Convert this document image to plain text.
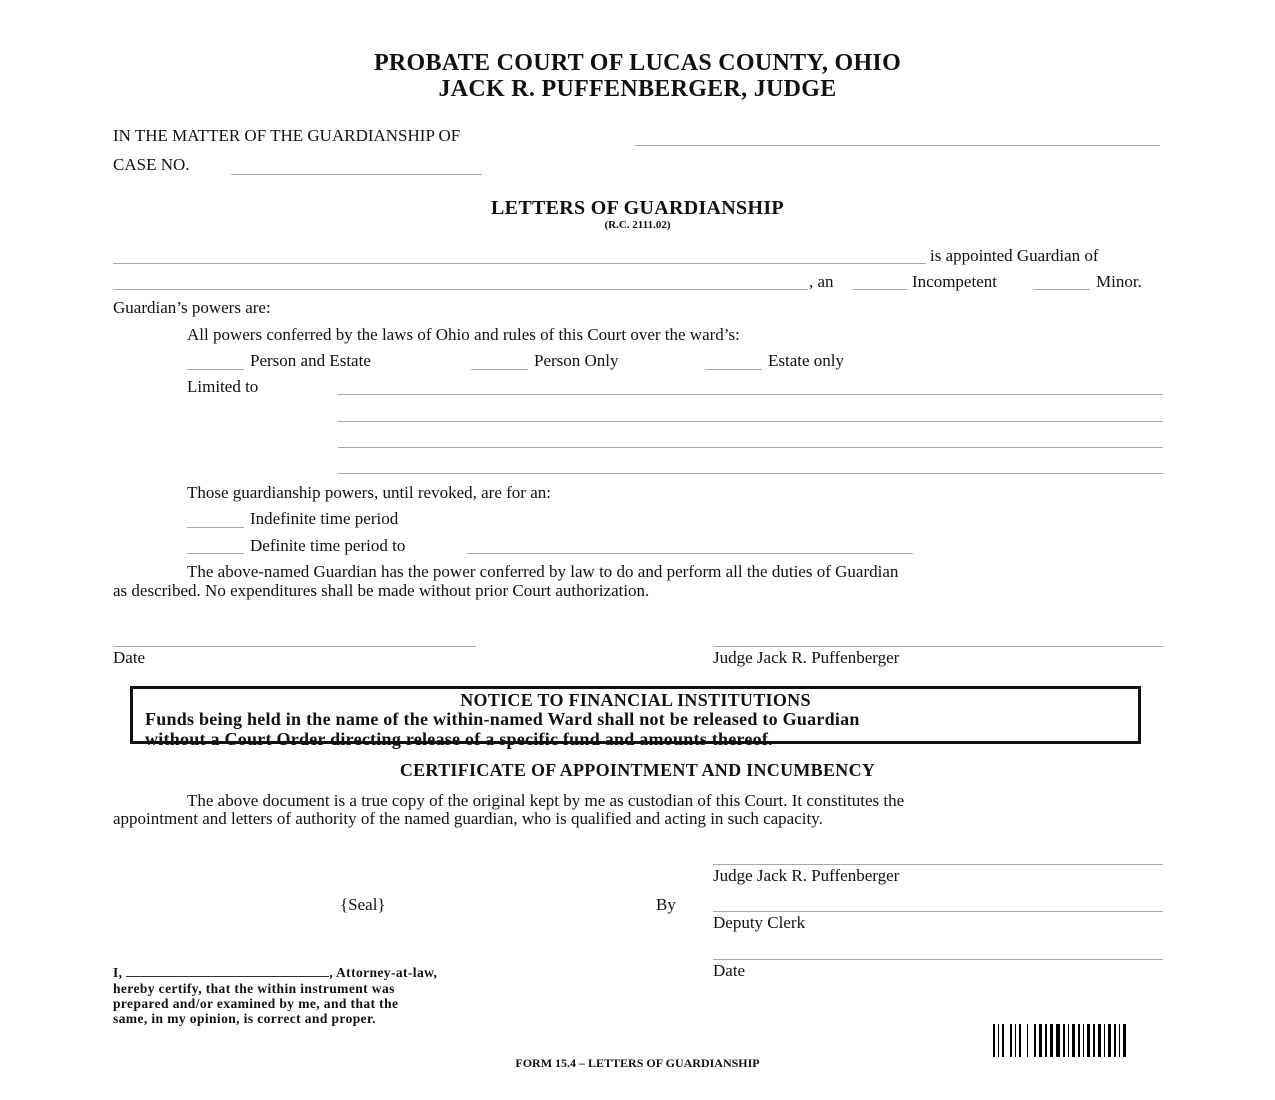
PROBATE COURT OF LUCAS COUNTY, OHIO
JACK R. PUFFENBERGER, JUDGE
IN THE MATTER OF THE GUARDIANSHIP OF
CASE NO.
LETTERS OF GUARDIANSHIP
(R.C. 2111.02)
is appointed Guardian of
, an	Incompetent	Minor.
Guardian’s powers are:
All powers conferred by the laws of Ohio and rules of this Court over the ward’s:
Person and Estate	Person Only	Estate only
Limited to
Those guardianship powers, until revoked, are for an:
Indefinite time period
Definite time period to
The above-named Guardian has the power conferred by law to do and perform all the duties of Guardian
as described. No expenditures shall be made without prior Court authorization.
Date	Judge Jack R. Puffenberger
NOTICE TO FINANCIAL INSTITUTIONS
Funds being held in the name of the within-named Ward shall not be released to Guardian
without a Court Order directing release of a specific fund and amounts thereof.
CERTIFICATE OF APPOINTMENT AND INCUMBENCY
The above document is a true copy of the original kept by me as custodian of this Court. It constitutes the
appointment and letters of authority of the named guardian, who is qualified and acting in such capacity.
Judge Jack R. Puffenberger
{Seal}	By
Deputy Clerk
Date
I,	, Attorney-at-law,
hereby certify, that the within instrument was
prepared and/or examined by me, and that the
same, in my opinion, is correct and proper.
FORM 15.4 – LETTERS OF GUARDIANSHIP
